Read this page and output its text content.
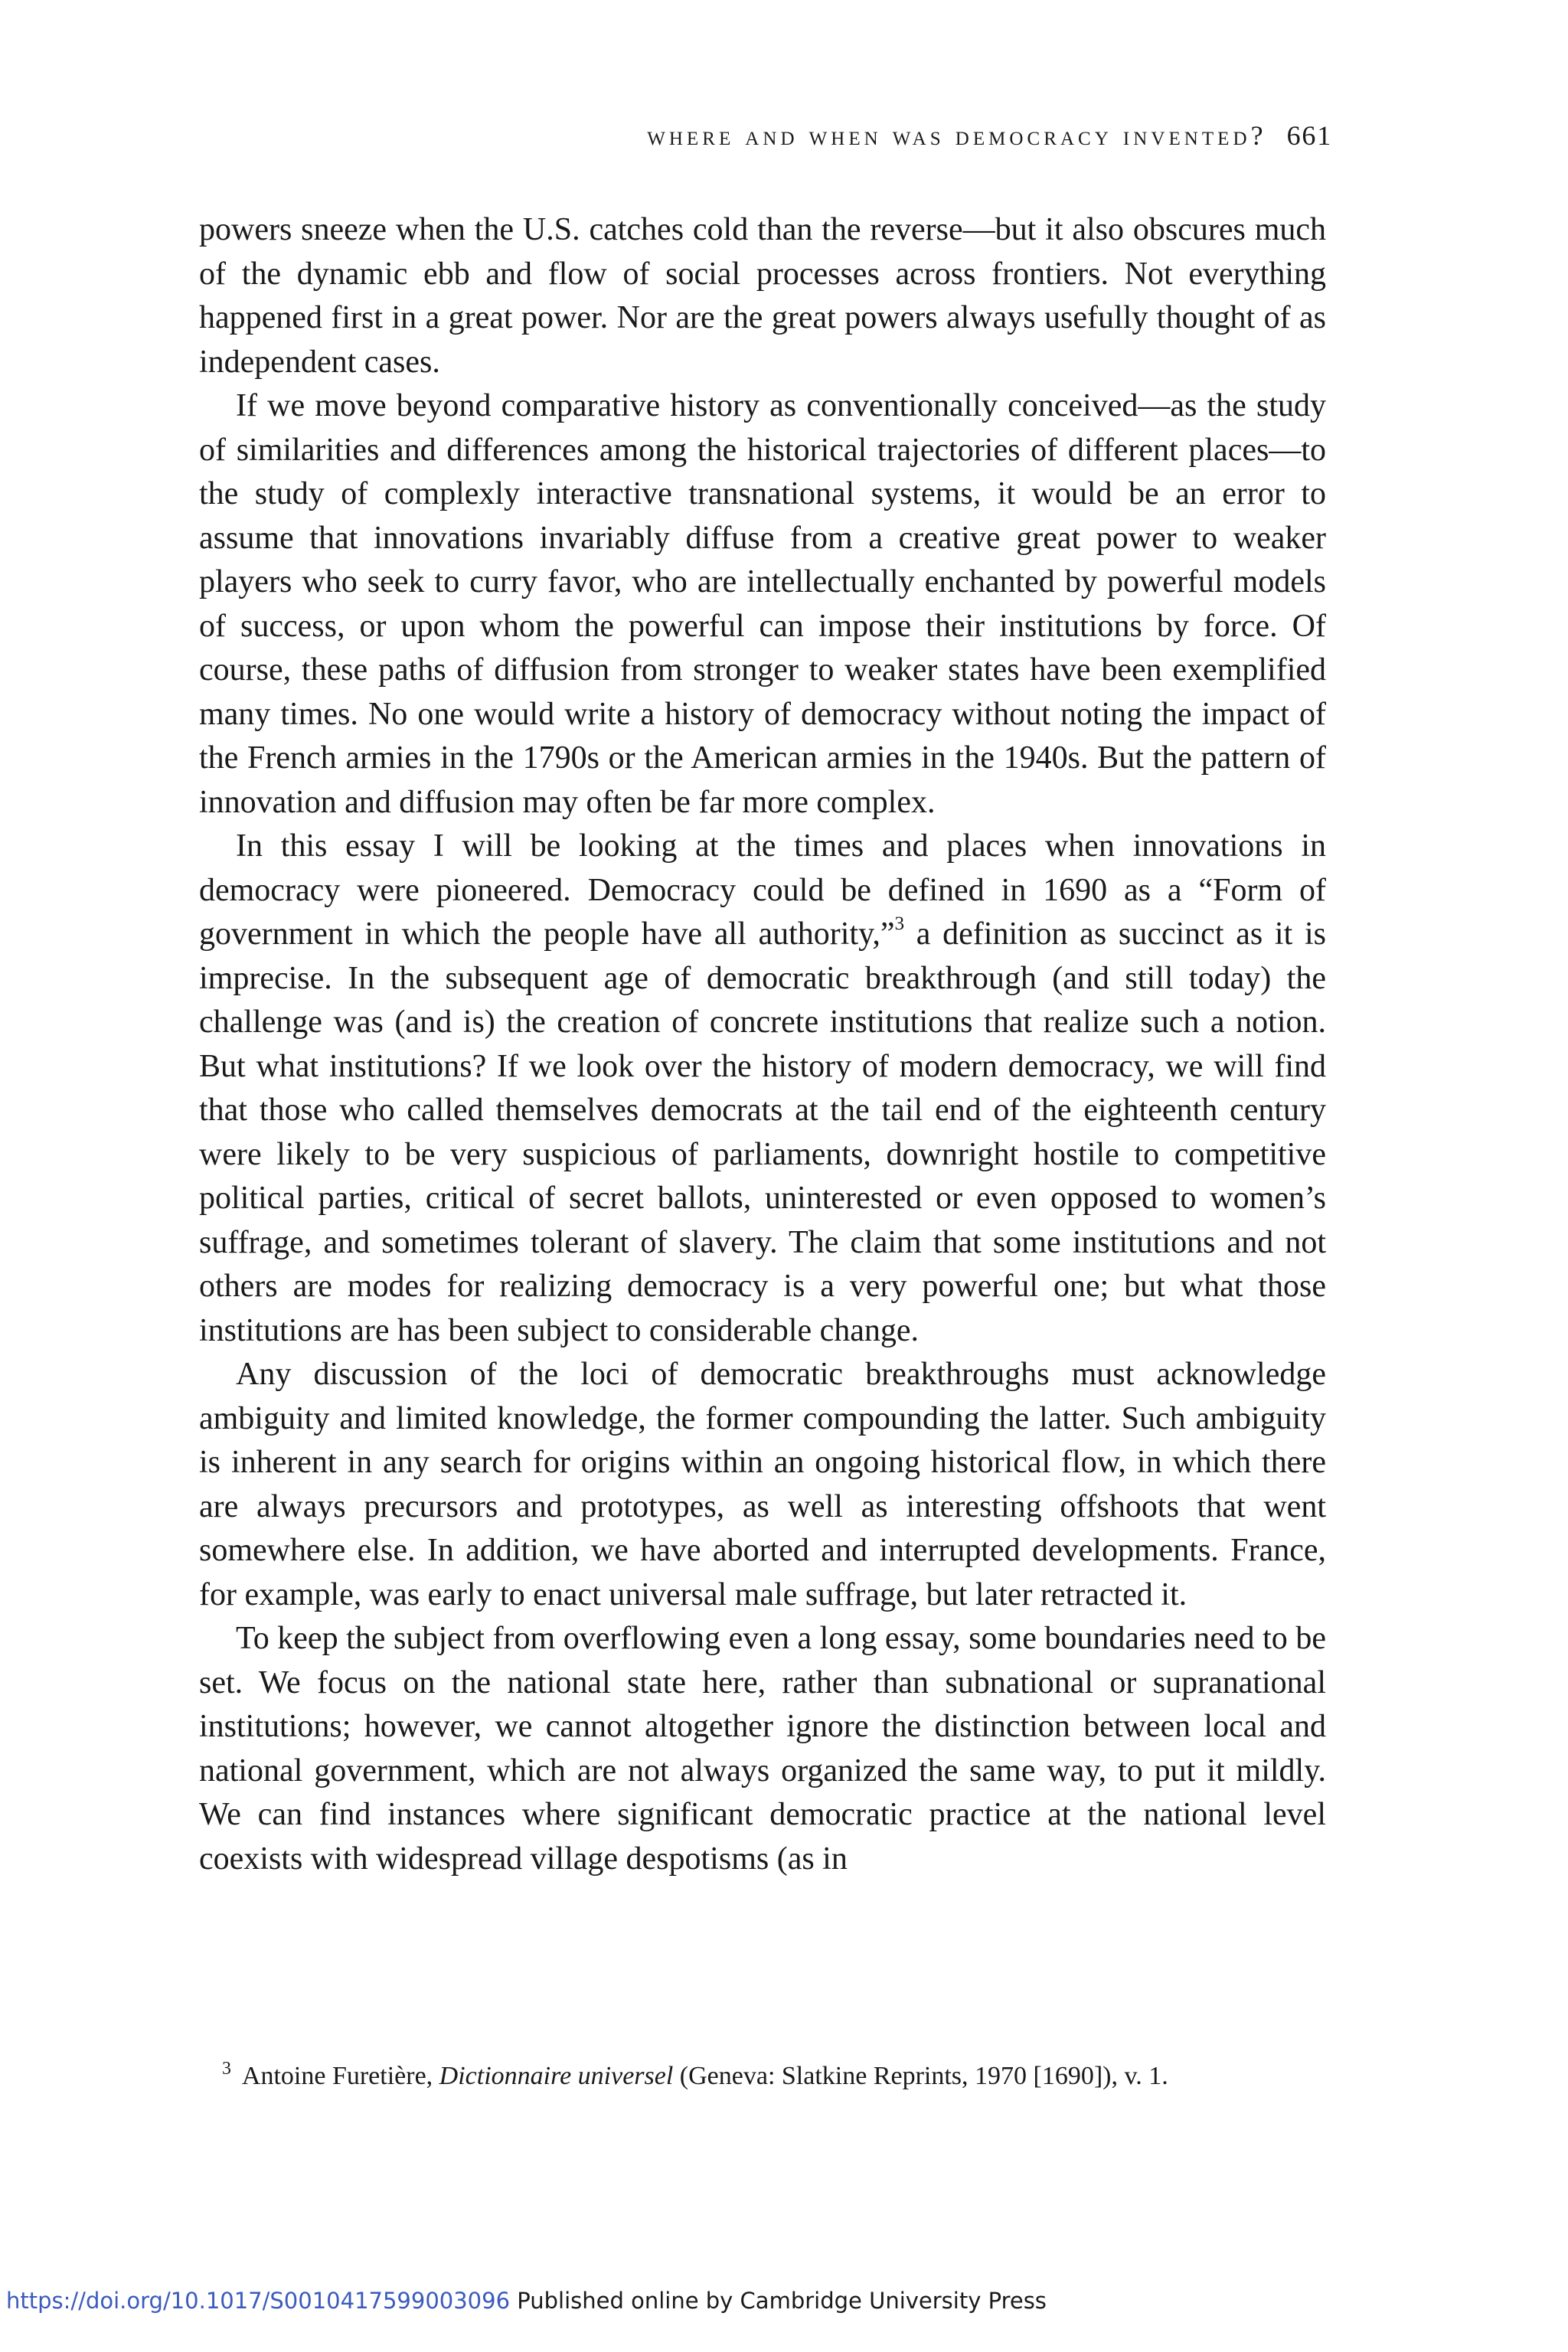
where and when was democracy invented? 661

powers sneeze when the U.S. catches cold than the reverse—but it also obscures much of the dynamic ebb and flow of social processes across frontiers. Not everything happened first in a great power. Nor are the great powers always usefully thought of as independent cases.

If we move beyond comparative history as conventionally conceived—as the study of similarities and differences among the historical trajectories of different places—to the study of complexly interactive transnational systems, it would be an error to assume that innovations invariably diffuse from a creative great power to weaker players who seek to curry favor, who are intellectually enchanted by powerful models of success, or upon whom the powerful can impose their institutions by force. Of course, these paths of diffusion from stronger to weaker states have been exemplified many times. No one would write a history of democracy without noting the impact of the French armies in the 1790s or the American armies in the 1940s. But the pattern of innovation and diffusion may often be far more complex.

In this essay I will be looking at the times and places when innovations in democracy were pioneered. Democracy could be defined in 1690 as a “Form of government in which the people have all authority,”$^3$ a definition as succinct as it is imprecise. In the subsequent age of democratic breakthrough (and still today) the challenge was (and is) the creation of concrete institutions that realize such a notion. But what institutions? If we look over the history of modern democracy, we will find that those who called themselves democrats at the tail end of the eighteenth century were likely to be very suspicious of parliaments, downright hostile to competitive political parties, critical of secret ballots, uninterested or even opposed to women’s suffrage, and sometimes tolerant of slavery. The claim that some institutions and not others are modes for realizing democracy is a very powerful one; but what those institutions are has been subject to considerable change.

Any discussion of the loci of democratic breakthroughs must acknowledge ambiguity and limited knowledge, the former compounding the latter. Such ambiguity is inherent in any search for origins within an ongoing historical flow, in which there are always precursors and prototypes, as well as interesting offshoots that went somewhere else. In addition, we have aborted and interrupted developments. France, for example, was early to enact universal male suffrage, but later retracted it.

To keep the subject from overflowing even a long essay, some boundaries need to be set. We focus on the national state here, rather than subnational or supranational institutions; however, we cannot altogether ignore the distinction between local and national government, which are not always organized the same way, to put it mildly. We can find instances where significant democratic practice at the national level coexists with widespread village despotisms (as in

$^3$ Antoine Furetière, Dictionnaire universel (Geneva: Slatkine Reprints, 1970 [1690]), v. 1.
https://doi.org/10.1017/S0010417599003096 Published online by Cambridge University Press
